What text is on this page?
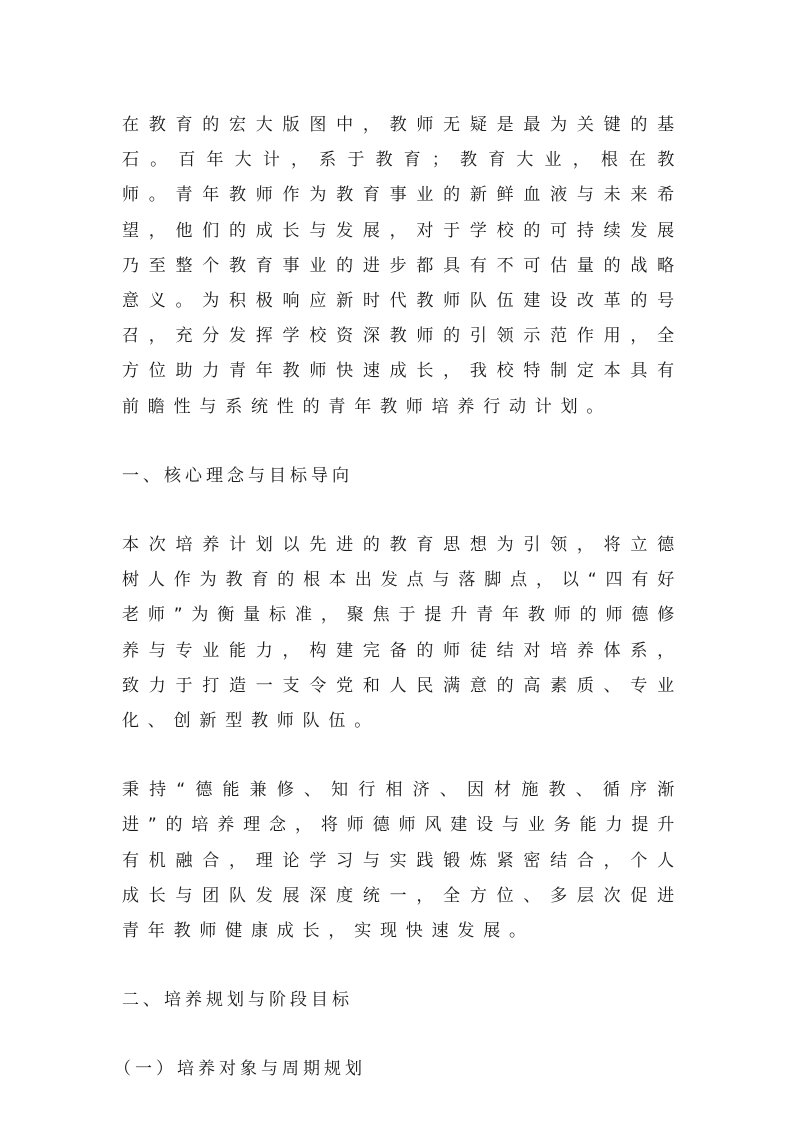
在教育的宏大版图中，教师无疑是最为关键的基石。百年大计，系于教育；教育大业，根在教师。青年教师作为教育事业的新鲜血液与未来希望，他们的成长与发展，对于学校的可持续发展乃至整个教育事业的进步都具有不可估量的战略意义。为积极响应新时代教师队伍建设改革的号召，充分发挥学校资深教师的引领示范作用，全方位助力青年教师快速成长，我校特制定本具有前瞻性与系统性的青年教师培养行动计划。

一、核心理念与目标导向

本次培养计划以先进的教育思想为引领，将立德树人作为教育的根本出发点与落脚点，以“四有好老师”为衡量标准，聚焦于提升青年教师的师德修养与专业能力，构建完备的师徒结对培养体系，致力于打造一支令党和人民满意的高素质、专业化、创新型教师队伍。

秉持“德能兼修、知行相济、因材施教、循序渐进”的培养理念，将师德师风建设与业务能力提升有机融合，理论学习与实践锻炼紧密结合，个人成长与团队发展深度统一，全方位、多层次促进青年教师健康成长，实现快速发展。

二、培养规划与阶段目标

（一）培养对象与周期规划
